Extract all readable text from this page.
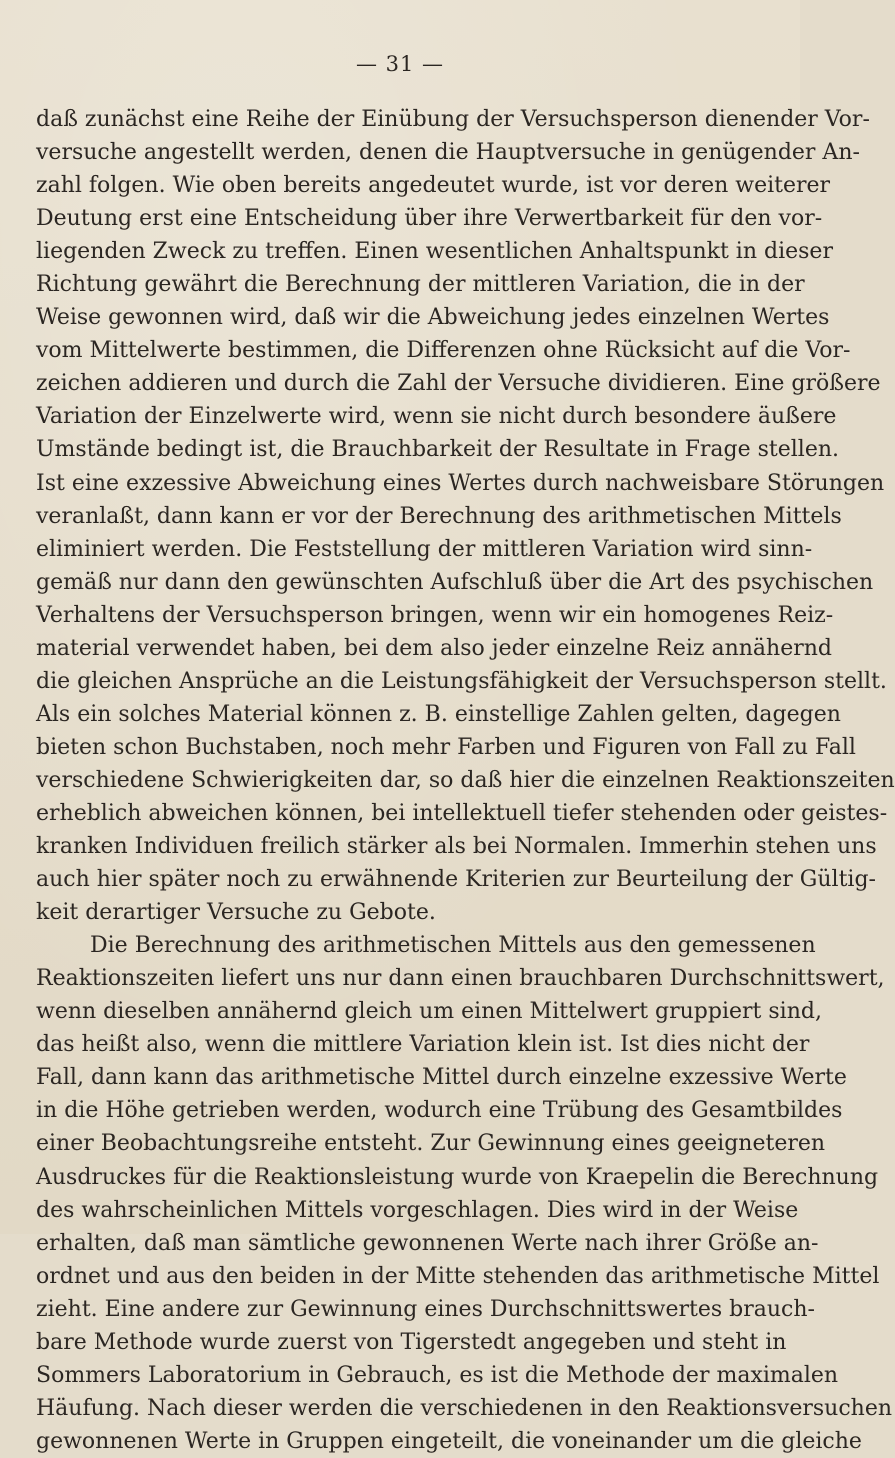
— 31 —
daß zunächst eine Reihe der Einübung der Versuchsperson dienender Vor-
versuche angestellt werden, denen die Hauptversuche in genügender An-
zahl folgen. Wie oben bereits angedeutet wurde, ist vor deren weiterer
Deutung erst eine Entscheidung über ihre Verwertbarkeit für den vor-
liegenden Zweck zu treffen. Einen wesentlichen Anhaltspunkt in dieser
Richtung gewährt die Berechnung der mittleren Variation, die in der
Weise gewonnen wird, daß wir die Abweichung jedes einzelnen Wertes
vom Mittelwerte bestimmen, die Differenzen ohne Rücksicht auf die Vor-
zeichen addieren und durch die Zahl der Versuche dividieren. Eine größere
Variation der Einzelwerte wird, wenn sie nicht durch besondere äußere
Umstände bedingt ist, die Brauchbarkeit der Resultate in Frage stellen.
Ist eine exzessive Abweichung eines Wertes durch nachweisbare Störungen
veranlaßt, dann kann er vor der Berechnung des arithmetischen Mittels
eliminiert werden. Die Feststellung der mittleren Variation wird sinn-
gemäß nur dann den gewünschten Aufschluß über die Art des psychischen
Verhaltens der Versuchsperson bringen, wenn wir ein homogenes Reiz-
material verwendet haben, bei dem also jeder einzelne Reiz annähernd
die gleichen Ansprüche an die Leistungsfähigkeit der Versuchsperson stellt.
Als ein solches Material können z. B. einstellige Zahlen gelten, dagegen
bieten schon Buchstaben, noch mehr Farben und Figuren von Fall zu Fall
verschiedene Schwierigkeiten dar, so daß hier die einzelnen Reaktionszeiten
erheblich abweichen können, bei intellektuell tiefer stehenden oder geistes-
kranken Individuen freilich stärker als bei Normalen. Immerhin stehen uns
auch hier später noch zu erwähnende Kriterien zur Beurteilung der Gültig-
keit derartiger Versuche zu Gebote.
Die Berechnung des arithmetischen Mittels aus den gemessenen
Reaktionszeiten liefert uns nur dann einen brauchbaren Durchschnittswert,
wenn dieselben annähernd gleich um einen Mittelwert gruppiert sind,
das heißt also, wenn die mittlere Variation klein ist. Ist dies nicht der
Fall, dann kann das arithmetische Mittel durch einzelne exzessive Werte
in die Höhe getrieben werden, wodurch eine Trübung des Gesamtbildes
einer Beobachtungsreihe entsteht. Zur Gewinnung eines geeigneteren
Ausdruckes für die Reaktionsleistung wurde von Kraepelin die Berechnung
des wahrscheinlichen Mittels vorgeschlagen. Dies wird in der Weise
erhalten, daß man sämtliche gewonnenen Werte nach ihrer Größe an-
ordnet und aus den beiden in der Mitte stehenden das arithmetische Mittel
zieht. Eine andere zur Gewinnung eines Durchschnittswertes brauch-
bare Methode wurde zuerst von Tigerstedt angegeben und steht in
Sommers Laboratorium in Gebrauch, es ist die Methode der maximalen
Häufung. Nach dieser werden die verschiedenen in den Reaktionsversuchen
gewonnenen Werte in Gruppen eingeteilt, die voneinander um die gleiche
